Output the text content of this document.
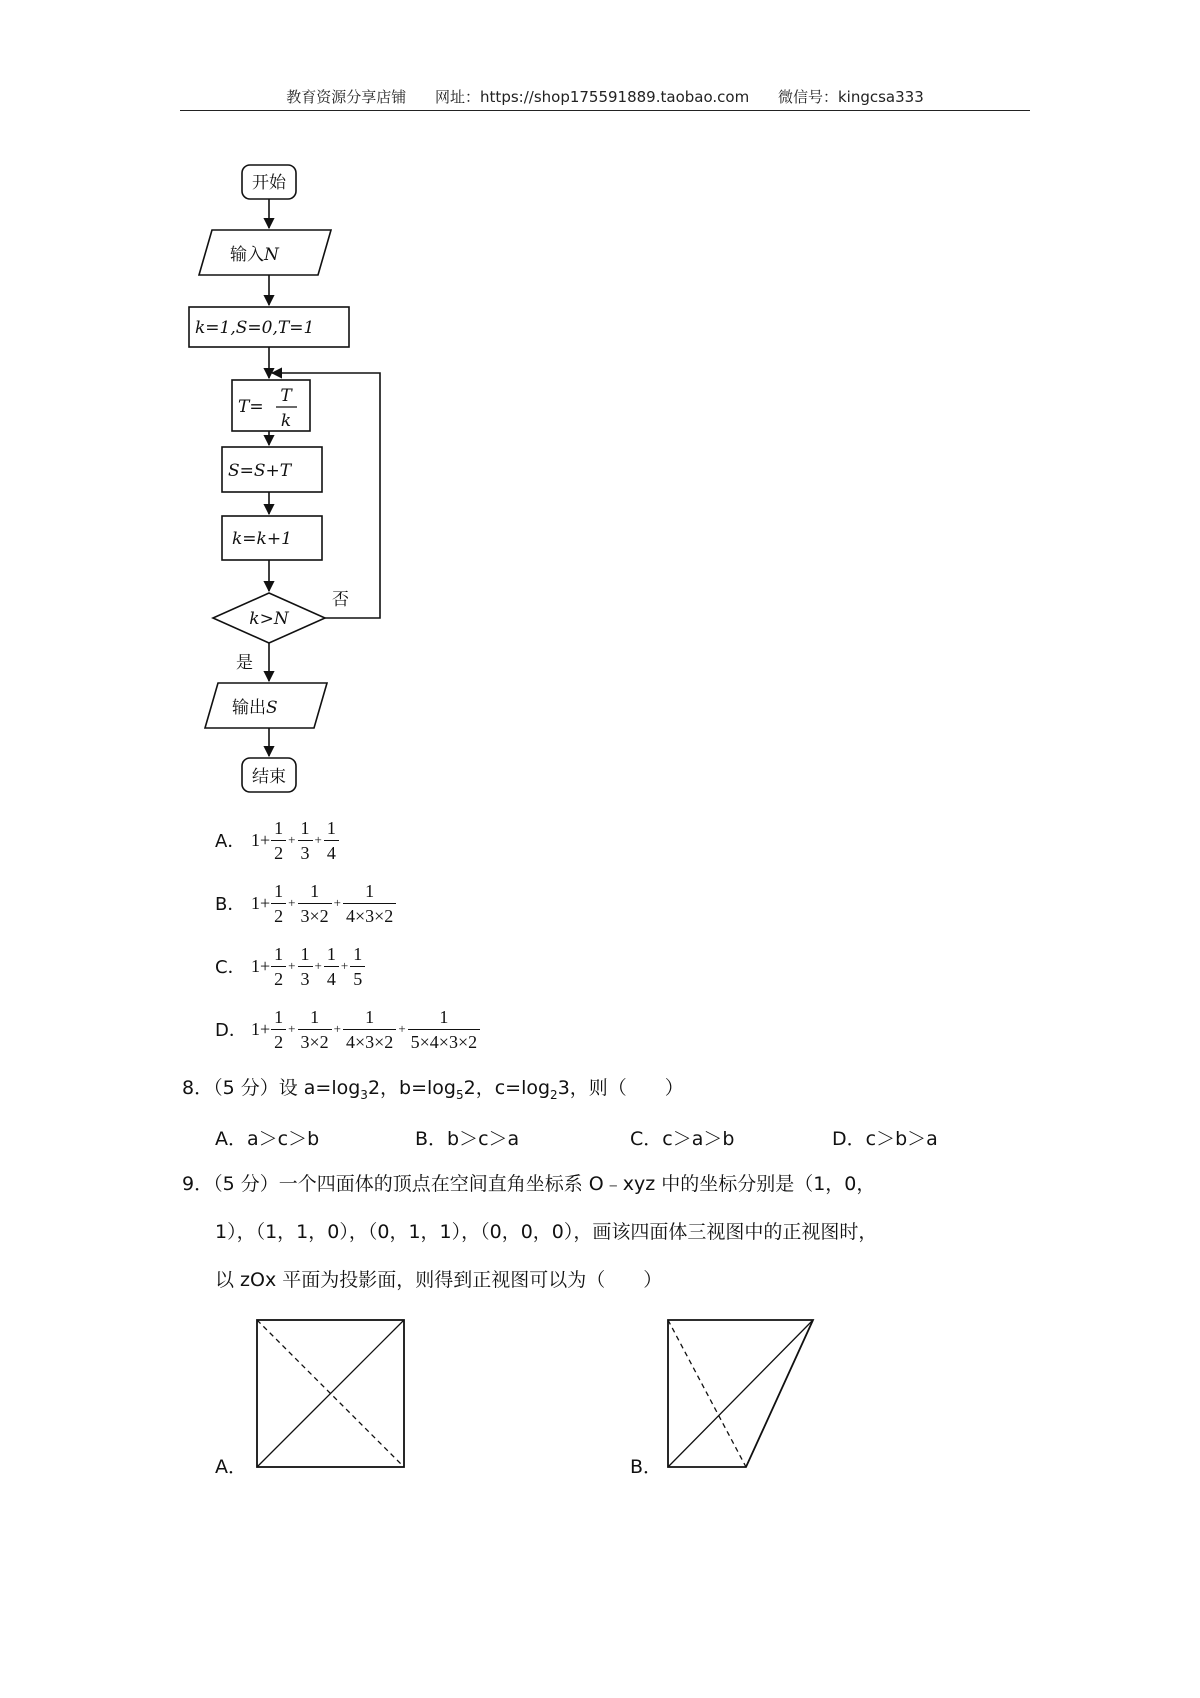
教育资源分享店铺 网址：https://shop175591889.taobao.com 微信号：kingcsa333
开始
输入N
k=1,S=0,T=1
T=
T
k
S=S+T
k=k+1
k>N
否
是
输出S
结束
A． $1+ \frac{1}{2} + \frac{1}{3} + \frac{1}{4}$
B． $1+ \frac{1}{2} + \frac{1}{3\times 2} + \frac{1}{4\times 3\times 2}$
C． $1+ \frac{1}{2} + \frac{1}{3} + \frac{1}{4} + \frac{1}{5}$
D． $1+ \frac{1}{2} + \frac{1}{3\times 2} + \frac{1}{4\times 3\times 2} + \frac{1}{5\times 4\times 3\times 2}$
8．（5 分）设 $a=\log_32$，$b=\log_52$，$c=\log_23$，则（　　）
A．a＞c＞b	B．b＞c＞a	C．c＞a＞b	D．c＞b＞a
9．（5 分）一个四面体的顶点在空间直角坐标系 O﹣xyz 中的坐标分别是（1，0，
1），（1，1，0），（0，1，1），（0，0，0），画该四面体三视图中的正视图时，
以 zOx 平面为投影面，则得到正视图可以为（　　）
A．	B．
